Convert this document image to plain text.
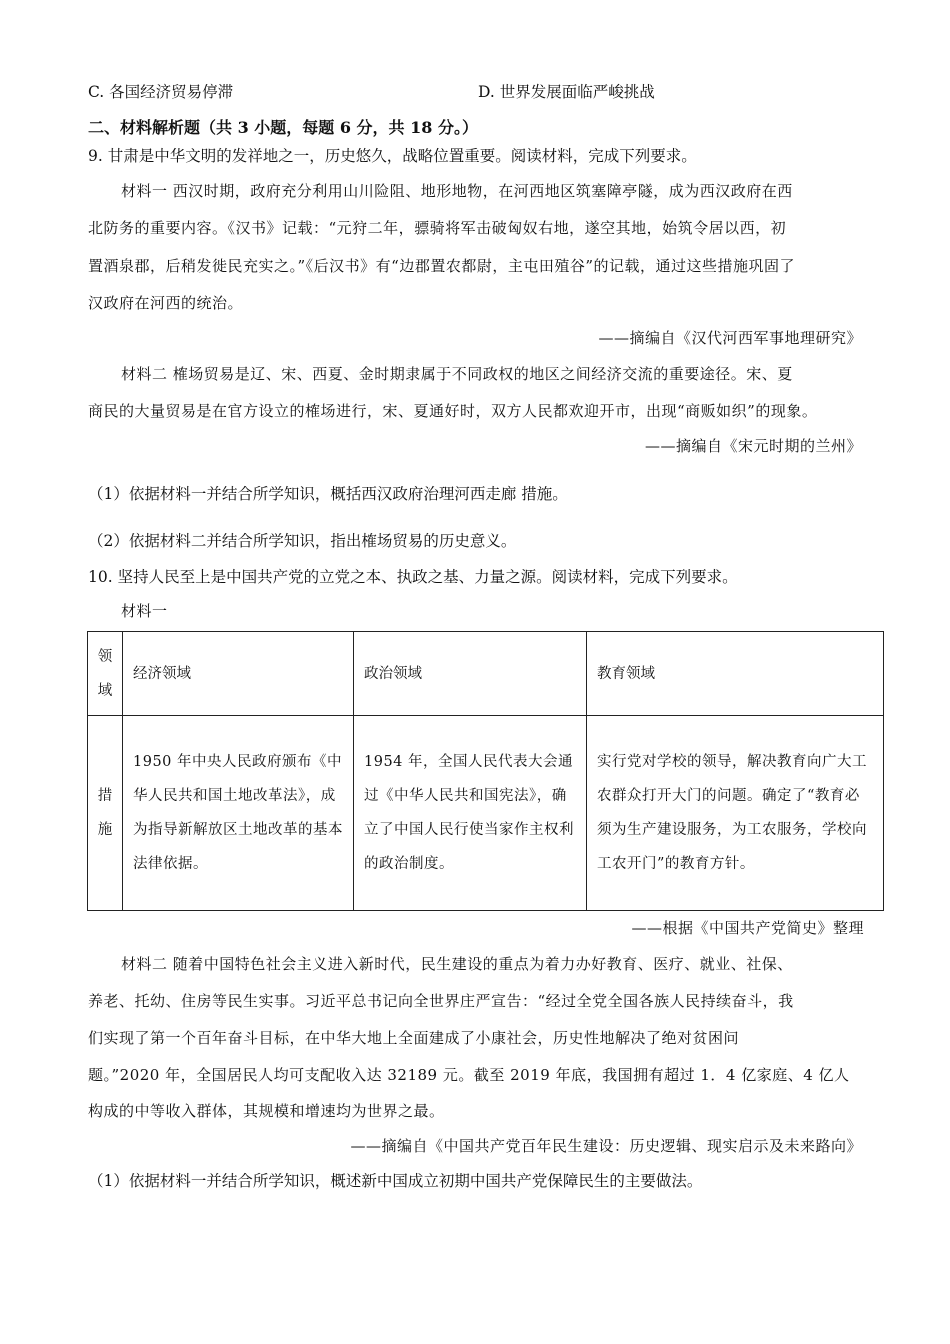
C. 各国经济贸易停滞	D. 世界发展面临严峻挑战
二、材料解析题（共 3 小题，每题 6 分，共 18 分。）
9. 甘肃是中华文明的发祥地之一，历史悠久，战略位置重要。阅读材料，完成下列要求。
材料一 西汉时期，政府充分利用山川险阻、地形地物，在河西地区筑塞障亭隧，成为西汉政府在西
北防务的重要内容。《汉书》记载：“元狩二年，骠骑将军击破匈奴右地，遂空其地，始筑令居以西，初
置酒泉郡，后稍发徙民充实之。”《后汉书》有“边郡置农都尉，主屯田殖谷”的记载，通过这些措施巩固了
汉政府在河西的统治。
——摘编自《汉代河西军事地理研究》
材料二 榷场贸易是辽、宋、西夏、金时期隶属于不同政权的地区之间经济交流的重要途径。宋、夏
商民的大量贸易是在官方设立的榷场进行，宋、夏通好时，双方人民都欢迎开市，出现“商贩如织”的现象。
——摘编自《宋元时期的兰州》
（1）依据材料一并结合所学知识，概括西汉政府治理河西走廊 措施。
（2）依据材料二并结合所学知识，指出榷场贸易的历史意义。
10. 坚持人民至上是中国共产党的立党之本、执政之基、力量之源。阅读材料，完成下列要求。
材料一
领域	经济领域	政治领域	教育领域
措施	1950 年中央人民政府颁布《中华人民共和国土地改革法》，成为指导新解放区土地改革的基本法律依据。	1954 年，全国人民代表大会通过《中华人民共和国宪法》，确立了中国人民行使当家作主权利的政治制度。	实行党对学校的领导，解决教育向广大工农群众打开大门的问题。确定了“教育必须为生产建设服务，为工农服务，学校向工农开门”的教育方针。
——根据《中国共产党简史》整理
材料二 随着中国特色社会主义进入新时代，民生建设的重点为着力办好教育、医疗、就业、社保、
养老、托幼、住房等民生实事。习近平总书记向全世界庄严宣告：“经过全党全国各族人民持续奋斗，我
们实现了第一个百年奋斗目标，在中华大地上全面建成了小康社会，历史性地解决了绝对贫困问
题。”2020 年，全国居民人均可支配收入达 32189 元。截至 2019 年底，我国拥有超过 1．4 亿家庭、4 亿人
构成的中等收入群体，其规模和增速均为世界之最。
——摘编自《中国共产党百年民生建设：历史逻辑、现实启示及未来路向》
（1）依据材料一并结合所学知识，概述新中国成立初期中国共产党保障民生的主要做法。
